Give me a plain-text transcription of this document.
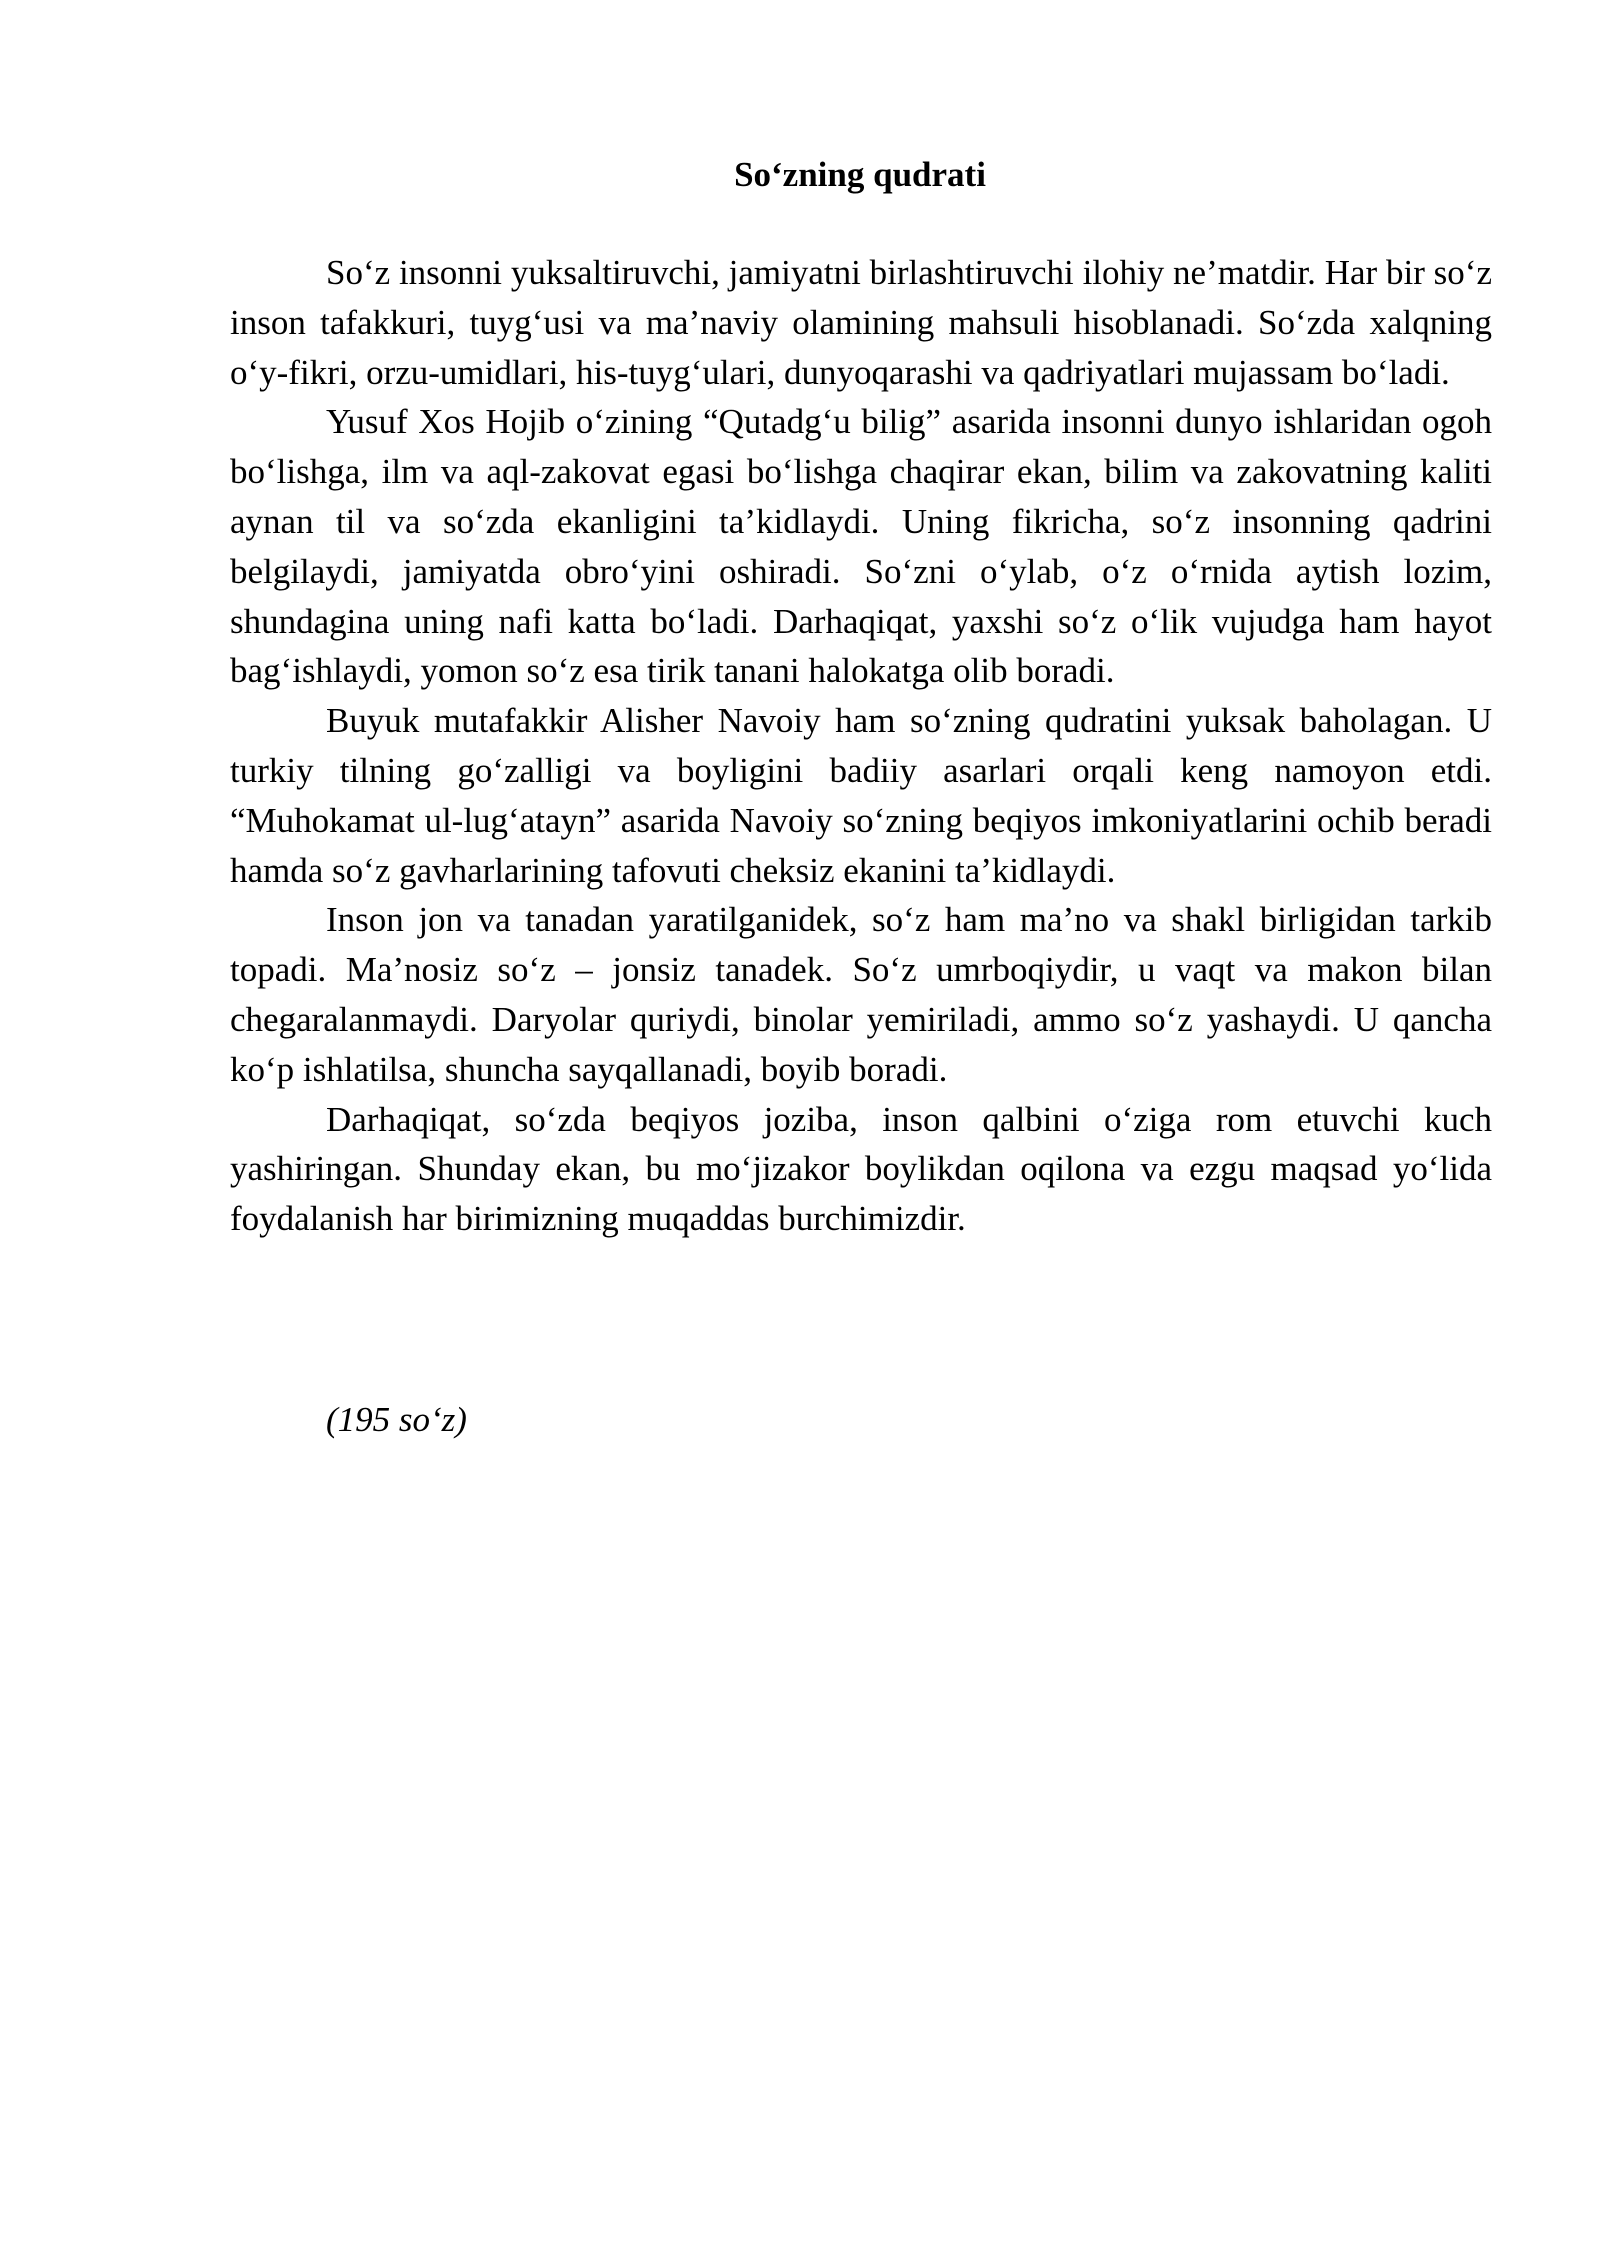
So‘zning qudrati

So‘z insonni yuksaltiruvchi, jamiyatni birlashtiruvchi ilohiy ne’matdir. Har bir so‘z inson tafakkuri, tuyg‘usi va ma’naviy olamining mahsuli hisoblanadi. So‘zda xalqning o‘y-fikri, orzu-umidlari, his-tuyg‘ulari, dunyoqarashi va qadriyatlari mujassam bo‘ladi.

Yusuf Xos Hojib o‘zining “Qutadg‘u bilig” asarida insonni dunyo ishlaridan ogoh bo‘lishga, ilm va aql-zakovat egasi bo‘lishga chaqirar ekan, bilim va zakovatning kaliti aynan til va so‘zda ekanligini ta’kidlaydi. Uning fikricha, so‘z insonning qadrini belgilaydi, jamiyatda obro‘yini oshiradi. So‘zni o‘ylab, o‘z o‘rnida aytish lozim, shundagina uning nafi katta bo‘ladi. Darhaqiqat, yaxshi so‘z o‘lik vujudga ham hayot bag‘ishlaydi, yomon so‘z esa tirik tanani halokatga olib boradi.

Buyuk mutafakkir Alisher Navoiy ham so‘zning qudratini yuksak baholagan. U turkiy tilning go‘zalligi va boyligini badiiy asarlari orqali keng namoyon etdi. “Muhokamat ul-lug‘atayn” asarida Navoiy so‘zning beqiyos imkoniyatlarini ochib beradi hamda so‘z gavharlarining tafovuti cheksiz ekanini ta’kidlaydi.

Inson jon va tanadan yaratilganidek, so‘z ham ma’no va shakl birligidan tarkib topadi. Ma’nosiz so‘z – jonsiz tanadek. So‘z umrboqiydir, u vaqt va makon bilan chegaralanmaydi. Daryolar quriydi, binolar yemiriladi, ammo so‘z yashaydi. U qancha ko‘p ishlatilsa, shuncha sayqallanadi, boyib boradi.

Darhaqiqat, so‘zda beqiyos joziba, inson qalbini o‘ziga rom etuvchi kuch yashiringan. Shunday ekan, bu mo‘jizakor boylikdan oqilona va ezgu maqsad yo‘lida foydalanish har birimizning muqaddas burchimizdir.

(195 so‘z)
